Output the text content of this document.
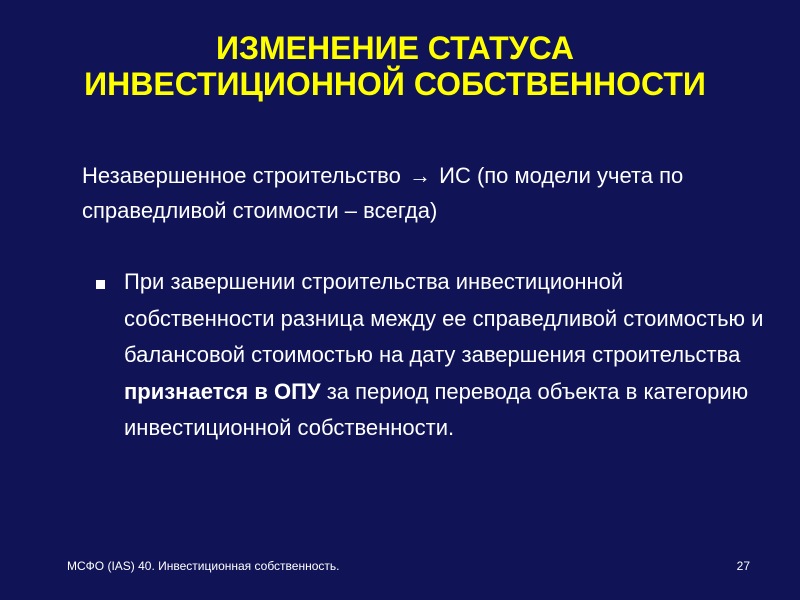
ИЗМЕНЕНИЕ СТАТУСА
ИНВЕСТИЦИОННОЙ СОБСТВЕННОСТИ
Незавершенное строительство → ИС (по модели учета по справедливой стоимости – всегда)
При завершении строительства инвестиционной собственности разница между ее справедливой стоимостью и балансовой стоимостью на дату завершения строительства признается в ОПУ за период перевода объекта в категорию инвестиционной собственности.
МСФО (IAS) 40. Инвестиционная собственность.	27
